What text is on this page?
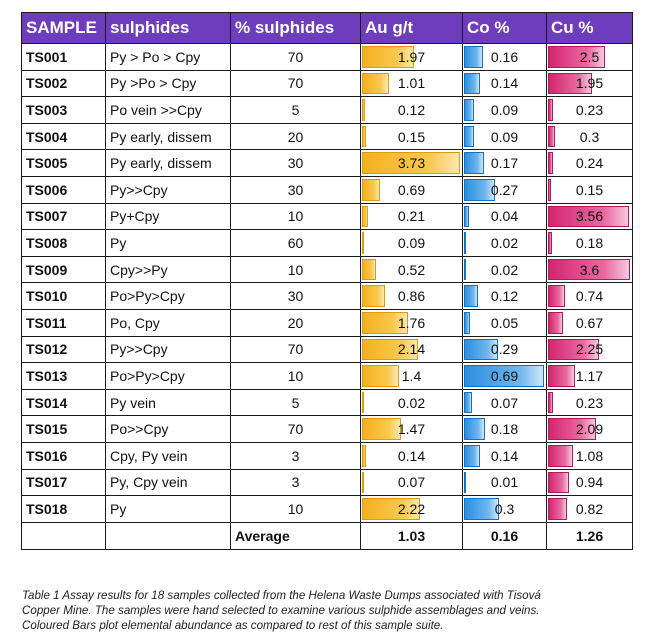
SAMPLE	sulphides	% sulphides	Au g/t	Co %	Cu %
TS001	Py > Po > Cpy	70	1.97	0.16	2.5

TS002	Py >Po > Cpy	70	1.01	0.14	1.95

TS003	Po vein >>Cpy	5	0.12	0.09	0.23

TS004	Py early, dissem	20	0.15	0.09	0.3

TS005	Py early, dissem	30	3.73	0.17	0.24

TS006	Py>>Cpy	30	0.69	0.27	0.15

TS007	Py+Cpy	10	0.21	0.04	3.56

TS008	Py	60	0.09	0.02	0.18

TS009	Cpy>>Py	10	0.52	0.02	3.6

TS010	Po>Py>Cpy	30	0.86	0.12	0.74

TS011	Po, Cpy	20	1.76	0.05	0.67

TS012	Py>>Cpy	70	2.14	0.29	2.25

TS013	Po>Py>Cpy	10	1.4	0.69	1.17

TS014	Py vein	5	0.02	0.07	0.23

TS015	Po>>Cpy	70	1.47	0.18	2.09

TS016	Cpy, Py vein	3	0.14	0.14	1.08

TS017	Py, Cpy vein	3	0.07	0.01	0.94

TS018	Py	10	2.22	0.3	0.82

		Average	1.03	0.16	1.26
Table 1 Assay results for 18 samples collected from the Helena Waste Dumps associated with Tisová
Copper Mine. The samples were hand selected to examine various sulphide assemblages and veins.
Coloured Bars plot elemental abundance as compared to rest of this sample suite.
